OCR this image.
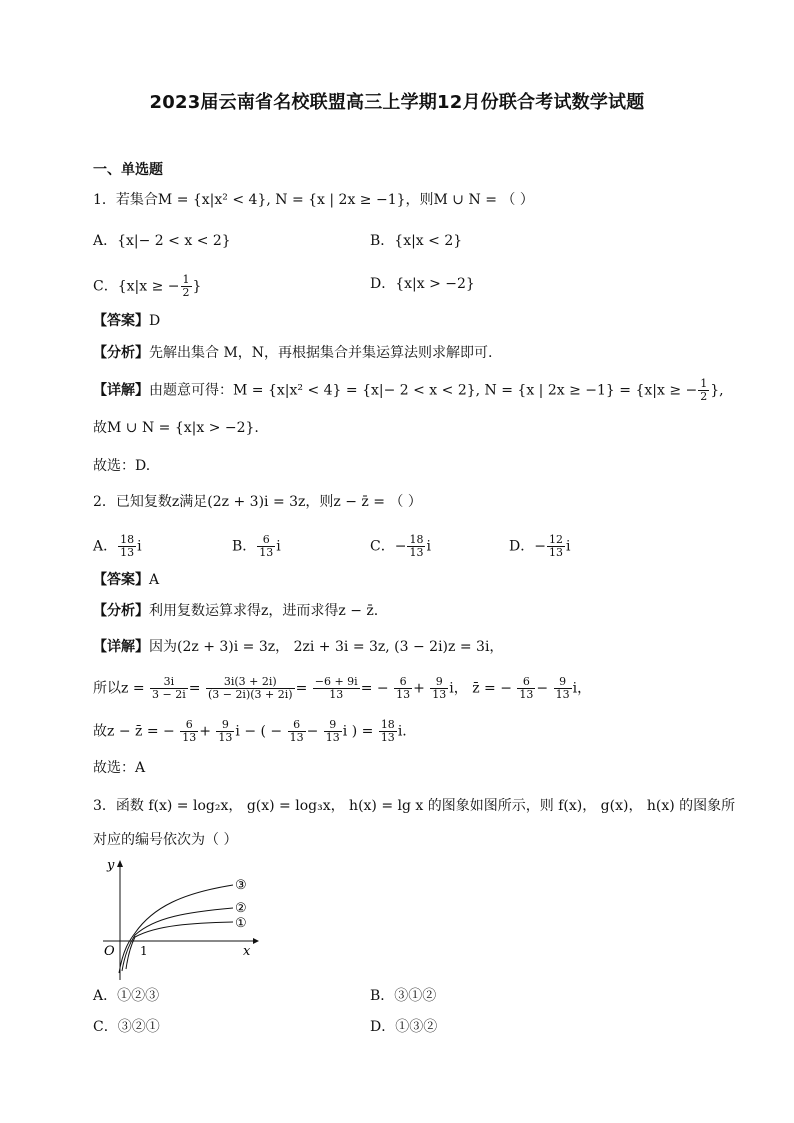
2023届云南省名校联盟高三上学期12月份联合考试数学试题
一、单选题
1．若集合M = {x|x² < 4}, N = {x | 2x ≥ −1}，则M ∪ N = （ ）
A．{x|− 2 < x < 2}	B．{x|x < 2}
C．{x|x ≥ − $\frac{1}{2}$ }	D．{x|x > −2}
【答案】D
【分析】先解出集合 M，N，再根据集合并集运算法则求解即可.
【详解】由题意可得：M = {x|x² < 4} = {x|− 2 < x < 2}, N = {x | 2x ≥ −1} = {x|x ≥ − $\frac{1}{2}$ },
故M ∪ N = {x|x > −2}.
故选：D.
2．已知复数z满足(2z + 3)i = 3z，则z − z̄ = （ ）
A． $\frac{18}{13}$ i	B． $\frac{6}{13}$ i	C．− $\frac{18}{13}$ i	D．− $\frac{12}{13}$ i
【答案】A
【分析】利用复数运算求得z，进而求得z − z̄.
【详解】因为(2z + 3)i = 3z， 2zi + 3i = 3z, (3 − 2i)z = 3i，
所以$z = \frac{3i}{3 - 2i} = \frac{3i(3 + 2i)}{(3 - 2i)(3 + 2i)} = \frac{-6 + 9i}{13}$ = − $\frac{6}{13} + \frac{9}{13}$ i， z̄ = − $\frac{6}{13} - \frac{9}{13}$ i，
故z − z̄ = − $\frac{6}{13} + \frac{9}{13}$ i − ( − $\frac{6}{13} - \frac{9}{13}$ i ) = $\frac{18}{13} i$.
故选：A
3．函数 f(x) = log₂x， g(x) = log₃x， h(x) = lg x 的图象如图所示，则 f(x)， g(x)， h(x) 的图象所
对应的编号依次为（ ）
y
x
O 1
③
②
①
A．①②③	B．③①②
C．③②①	D．①③②
